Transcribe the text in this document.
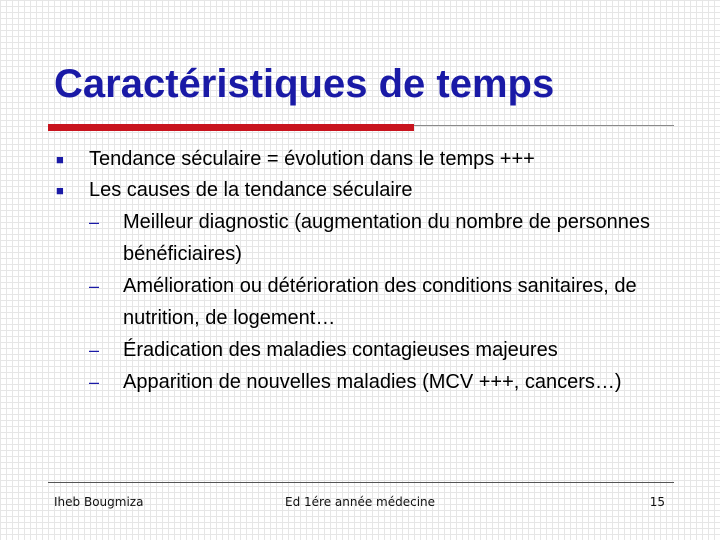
Caractéristiques de temps
■ Tendance séculaire = évolution dans le temps +++
■ Les causes de la tendance séculaire
– Meilleur diagnostic (augmentation du nombre de personnes bénéficiaires)
– Amélioration ou détérioration des conditions sanitaires, de nutrition, de logement…
– Éradication des maladies contagieuses majeures
– Apparition de nouvelles maladies (MCV +++, cancers…)
Iheb Bougmiza	Ed 1ére année médecine	15
